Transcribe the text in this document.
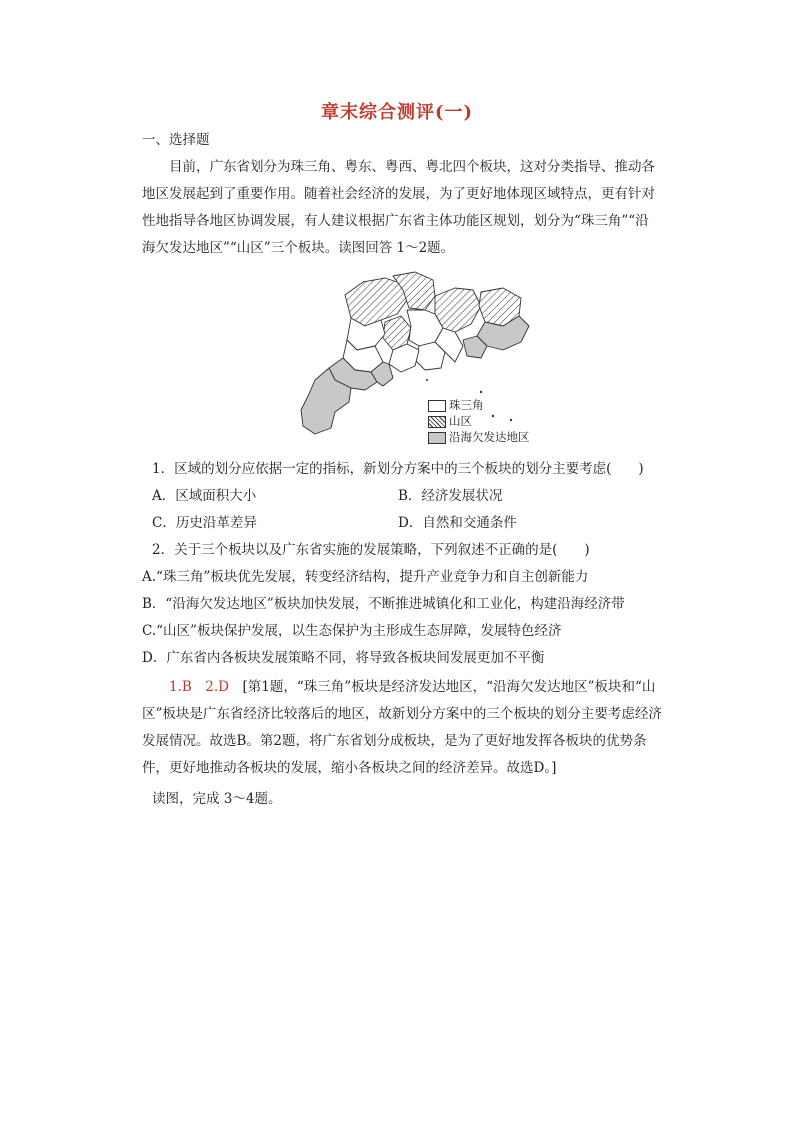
章末综合测评(一)
一、选择题

目前，广东省划分为珠三角、粤东、粤西、粤北四个板块，这对分类指导、推动各地区发展起到了重要作用。随着社会经济的发展，为了更好地体现区域特点，更有针对性地指导各地区协调发展，有人建议根据广东省主体功能区规划，划分为“珠三角”“沿海欠发达地区”“山区”三个板块。读图回答 1～2题。

珠三角
山区
沿海欠发达地区
1．区域的划分应依据一定的指标，新划分方案中的三个板块的划分主要考虑(　　)
A．区域面积大小	B．经济发展状况
C．历史沿革差异	D．自然和交通条件
2．关于三个板块以及广东省实施的发展策略，下列叙述不正确的是(　　)
A.“珠三角”板块优先发展，转变经济结构，提升产业竞争力和自主创新能力
B．“沿海欠发达地区”板块加快发展，不断推进城镇化和工业化，构建沿海经济带
C.“山区”板块保护发展，以生态保护为主形成生态屏障，发展特色经济
D．广东省内各板块发展策略不同，将导致各板块间发展更加不平衡

1.B　2.D　 [第1题，“珠三角”板块是经济发达地区，“沿海欠发达地区”板块和“山区”板块是广东省经济比较落后的地区，故新划分方案中的三个板块的划分主要考虑经济发展情况。故选B。第2题，将广东省划分成板块，是为了更好地发挥各板块的优势条件，更好地推动各板块的发展，缩小各板块之间的经济差异。故选D。]

读图，完成 3～4题。
